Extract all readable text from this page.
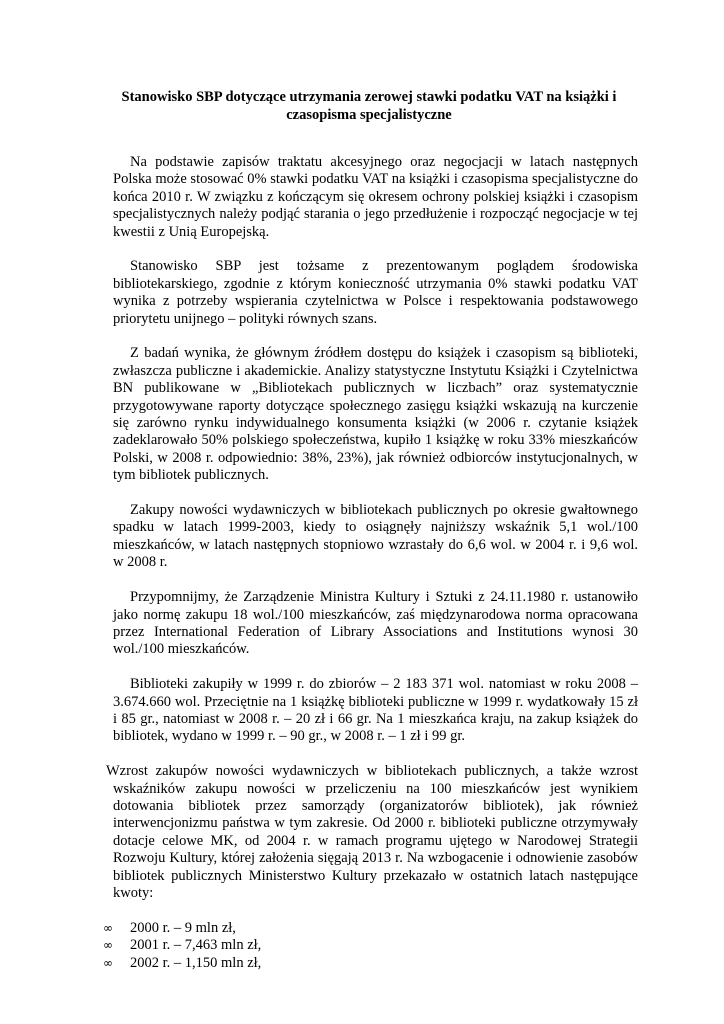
Stanowisko SBP dotyczące utrzymania zerowej stawki podatku VAT na książki i czasopisma specjalistyczne

Na podstawie zapisów traktatu akcesyjnego oraz negocjacji w latach następnych Polska może stosować 0% stawki podatku VAT na książki i czasopisma specjalistyczne do końca 2010 r. W związku z kończącym się okresem ochrony polskiej książki i czasopism specjalistycznych należy podjąć starania o jego przedłużenie i rozpocząć negocjacje w tej kwestii z Unią Europejską.

Stanowisko SBP jest tożsame z prezentowanym poglądem środowiska bibliotekarskiego, zgodnie z którym konieczność utrzymania 0% stawki podatku VAT wynika z potrzeby wspierania czytelnictwa w Polsce i respektowania podstawowego priorytetu unijnego – polityki równych szans.

Z badań wynika, że głównym źródłem dostępu do książek i czasopism są biblioteki, zwłaszcza publiczne i akademickie. Analizy statystyczne Instytutu Książki i Czytelnictwa BN publikowane w „Bibliotekach publicznych w liczbach” oraz systematycznie przygotowywane raporty dotyczące społecznego zasięgu książki wskazują na kurczenie się zarówno rynku indywidualnego konsumenta książki (w 2006 r. czytanie książek zadeklarowało 50% polskiego społeczeństwa, kupiło 1 książkę w roku 33% mieszkańców Polski, w 2008 r. odpowiednio: 38%, 23%), jak również odbiorców instytucjonalnych, w tym bibliotek publicznych.

Zakupy nowości wydawniczych w bibliotekach publicznych po okresie gwałtownego spadku w latach 1999-2003, kiedy to osiągnęły najniższy wskaźnik 5,1 wol./100 mieszkańców, w latach następnych stopniowo wzrastały do 6,6 wol. w 2004 r. i 9,6 wol. w 2008 r.

Przypomnijmy, że Zarządzenie Ministra Kultury i Sztuki z 24.11.1980 r. ustanowiło jako normę zakupu 18 wol./100 mieszkańców, zaś międzynarodowa norma opracowana przez International Federation of Library Associations and Institutions wynosi 30 wol./100 mieszkańców.

Biblioteki zakupiły w 1999 r. do zbiorów – 2 183 371 wol. natomiast w roku 2008 – 3.674.660 wol. Przeciętnie na 1 książkę biblioteki publiczne w 1999 r. wydatkowały 15 zł i 85 gr., natomiast w 2008 r. – 20 zł i 66 gr. Na 1 mieszkańca kraju, na zakup książek do bibliotek, wydano w 1999 r. – 90 gr., w 2008 r. – 1 zł i 99 gr.

Wzrost zakupów nowości wydawniczych w bibliotekach publicznych, a także wzrost wskaźników zakupu nowości w przeliczeniu na 100 mieszkańców jest wynikiem dotowania bibliotek przez samorządy (organizatorów bibliotek), jak również interwencjonizmu państwa w tym zakresie. Od 2000 r. biblioteki publiczne otrzymywały dotacje celowe MK, od 2004 r. w ramach programu ujętego w Narodowej Strategii Rozwoju Kultury, której założenia sięgają 2013 r. Na wzbogacenie i odnowienie zasobów bibliotek publicznych Ministerstwo Kultury przekazało w ostatnich latach następujące kwoty:

∞ 2000 r. – 9 mln zł,
∞ 2001 r. – 7,463 mln zł,
∞ 2002 r. – 1,150 mln zł,
